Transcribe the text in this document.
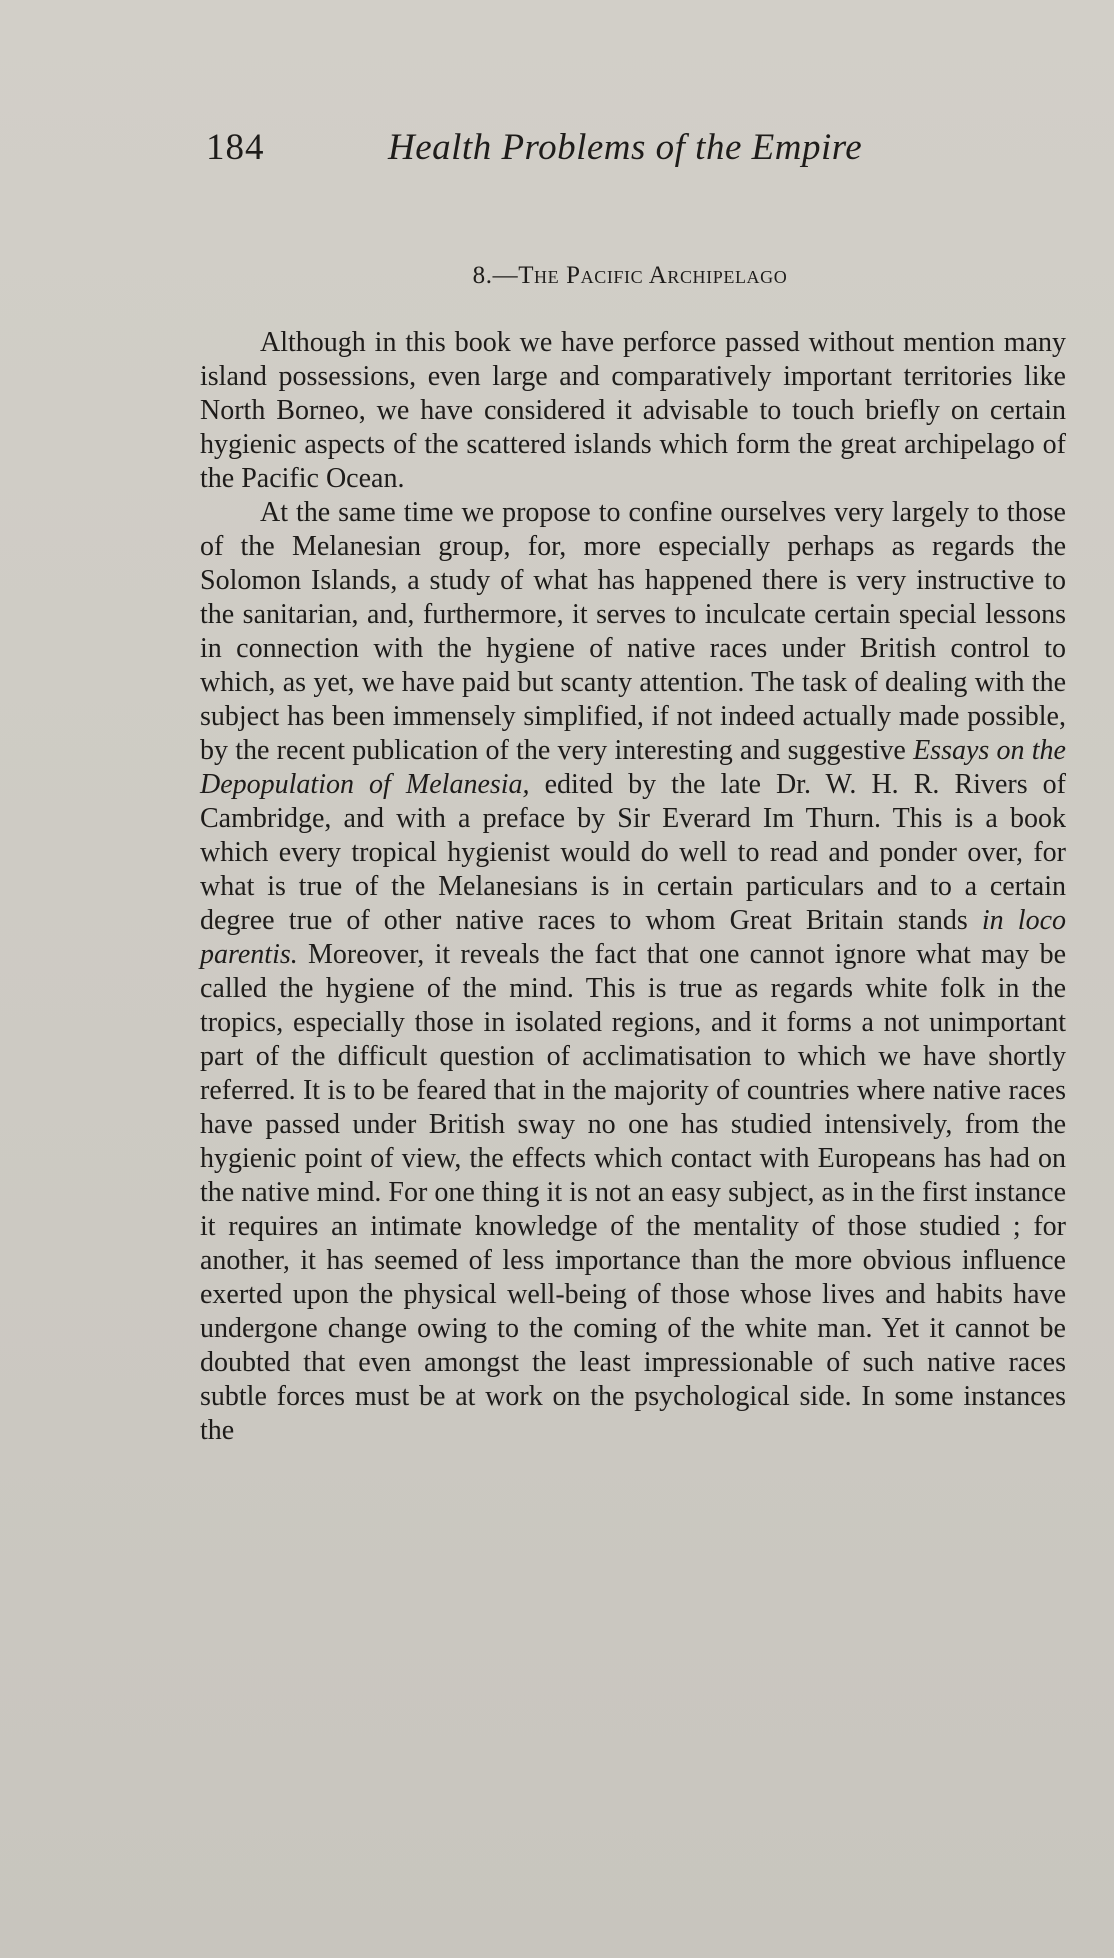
184	Health Problems of the Empire
8.—The Pacific Archipelago

Although in this book we have perforce passed without mention many island possessions, even large and comparatively important territories like North Borneo, we have considered it advisable to touch briefly on certain hygienic aspects of the scattered islands which form the great archipelago of the Pacific Ocean.

At the same time we propose to confine ourselves very largely to those of the Melanesian group, for, more especially perhaps as regards the Solomon Islands, a study of what has happened there is very instructive to the sanitarian, and, furthermore, it serves to inculcate certain special lessons in connection with the hygiene of native races under British control to which, as yet, we have paid but scanty attention. The task of dealing with the subject has been immensely simplified, if not indeed actually made possible, by the recent publication of the very interesting and suggestive Essays on the Depopulation of Melanesia, edited by the late Dr. W. H. R. Rivers of Cambridge, and with a preface by Sir Everard Im Thurn. This is a book which every tropical hygienist would do well to read and ponder over, for what is true of the Melanesians is in certain particulars and to a certain degree true of other native races to whom Great Britain stands in loco parentis. Moreover, it reveals the fact that one cannot ignore what may be called the hygiene of the mind. This is true as regards white folk in the tropics, especially those in isolated regions, and it forms a not unimportant part of the difficult question of acclimatisation to which we have shortly referred. It is to be feared that in the majority of countries where native races have passed under British sway no one has studied intensively, from the hygienic point of view, the effects which contact with Europeans has had on the native mind. For one thing it is not an easy subject, as in the first instance it requires an intimate knowledge of the mentality of those studied ; for another, it has seemed of less importance than the more obvious influence exerted upon the physical well-being of those whose lives and habits have undergone change owing to the coming of the white man. Yet it cannot be doubted that even amongst the least impressionable of such native races subtle forces must be at work on the psychological side. In some instances the
